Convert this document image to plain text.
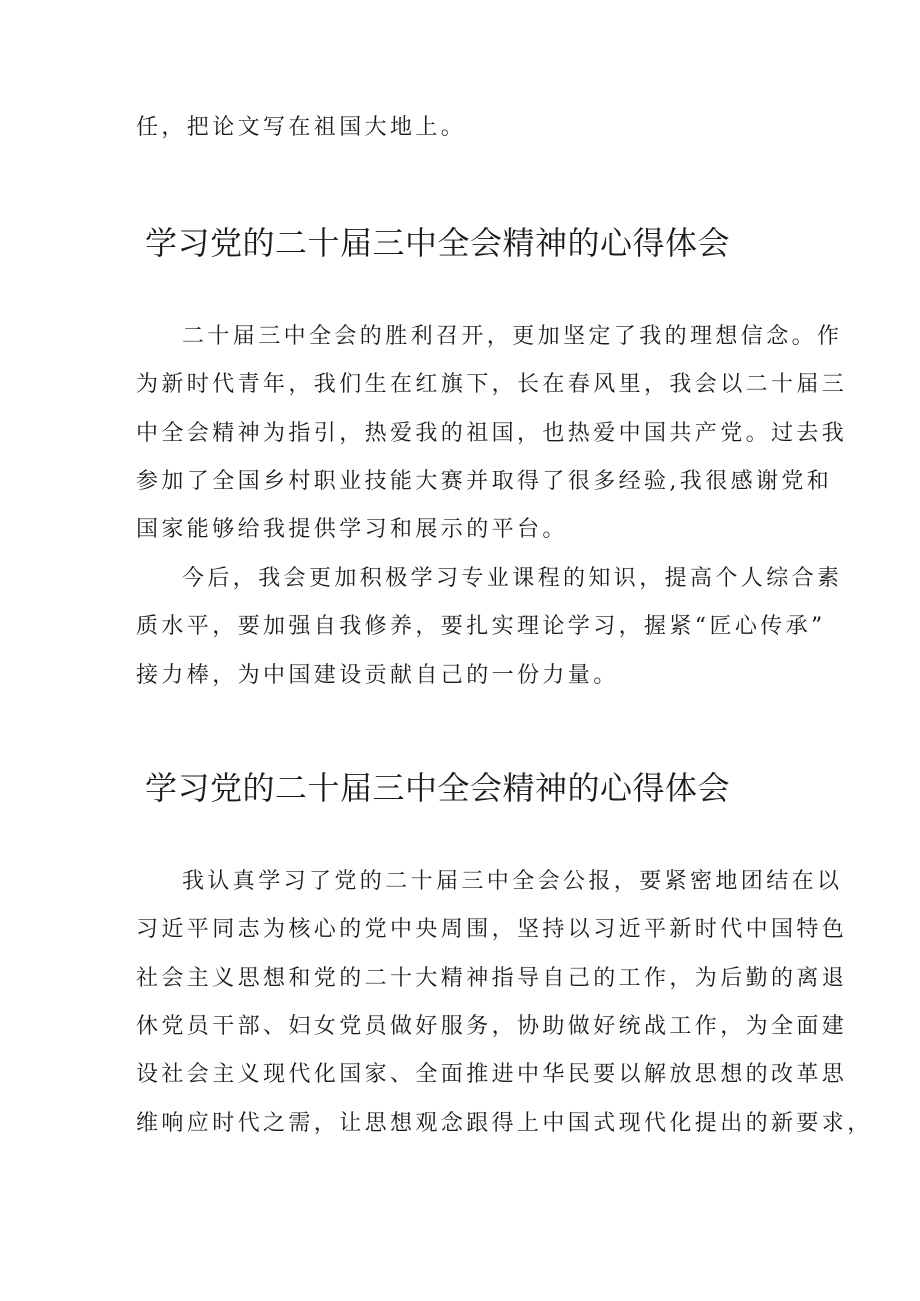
任，把论文写在祖国大地上。

学习党的二十届三中全会精神的心得体会

二十届三中全会的胜利召开，更加坚定了我的理想信念。作

为新时代青年，我们生在红旗下，长在春风里，我会以二十届三

中全会精神为指引，热爱我的祖国，也热爱中国共产党。过去我

参加了全国乡村职业技能大赛并取得了很多经验,我很感谢党和

国家能够给我提供学习和展示的平台。

今后，我会更加积极学习专业课程的知识，提高个人综合素

质水平，要加强自我修养，要扎实理论学习，握紧“匠心传承”

接力棒，为中国建设贡献自己的一份力量。

学习党的二十届三中全会精神的心得体会

我认真学习了党的二十届三中全会公报，要紧密地团结在以

习近平同志为核心的党中央周围，坚持以习近平新时代中国特色

社会主义思想和党的二十大精神指导自己的工作，为后勤的离退

休党员干部、妇女党员做好服务，协助做好统战工作，为全面建

设社会主义现代化国家、全面推进中华民要以解放思想的改革思

维响应时代之需，让思想观念跟得上中国式现代化提出的新要求，
